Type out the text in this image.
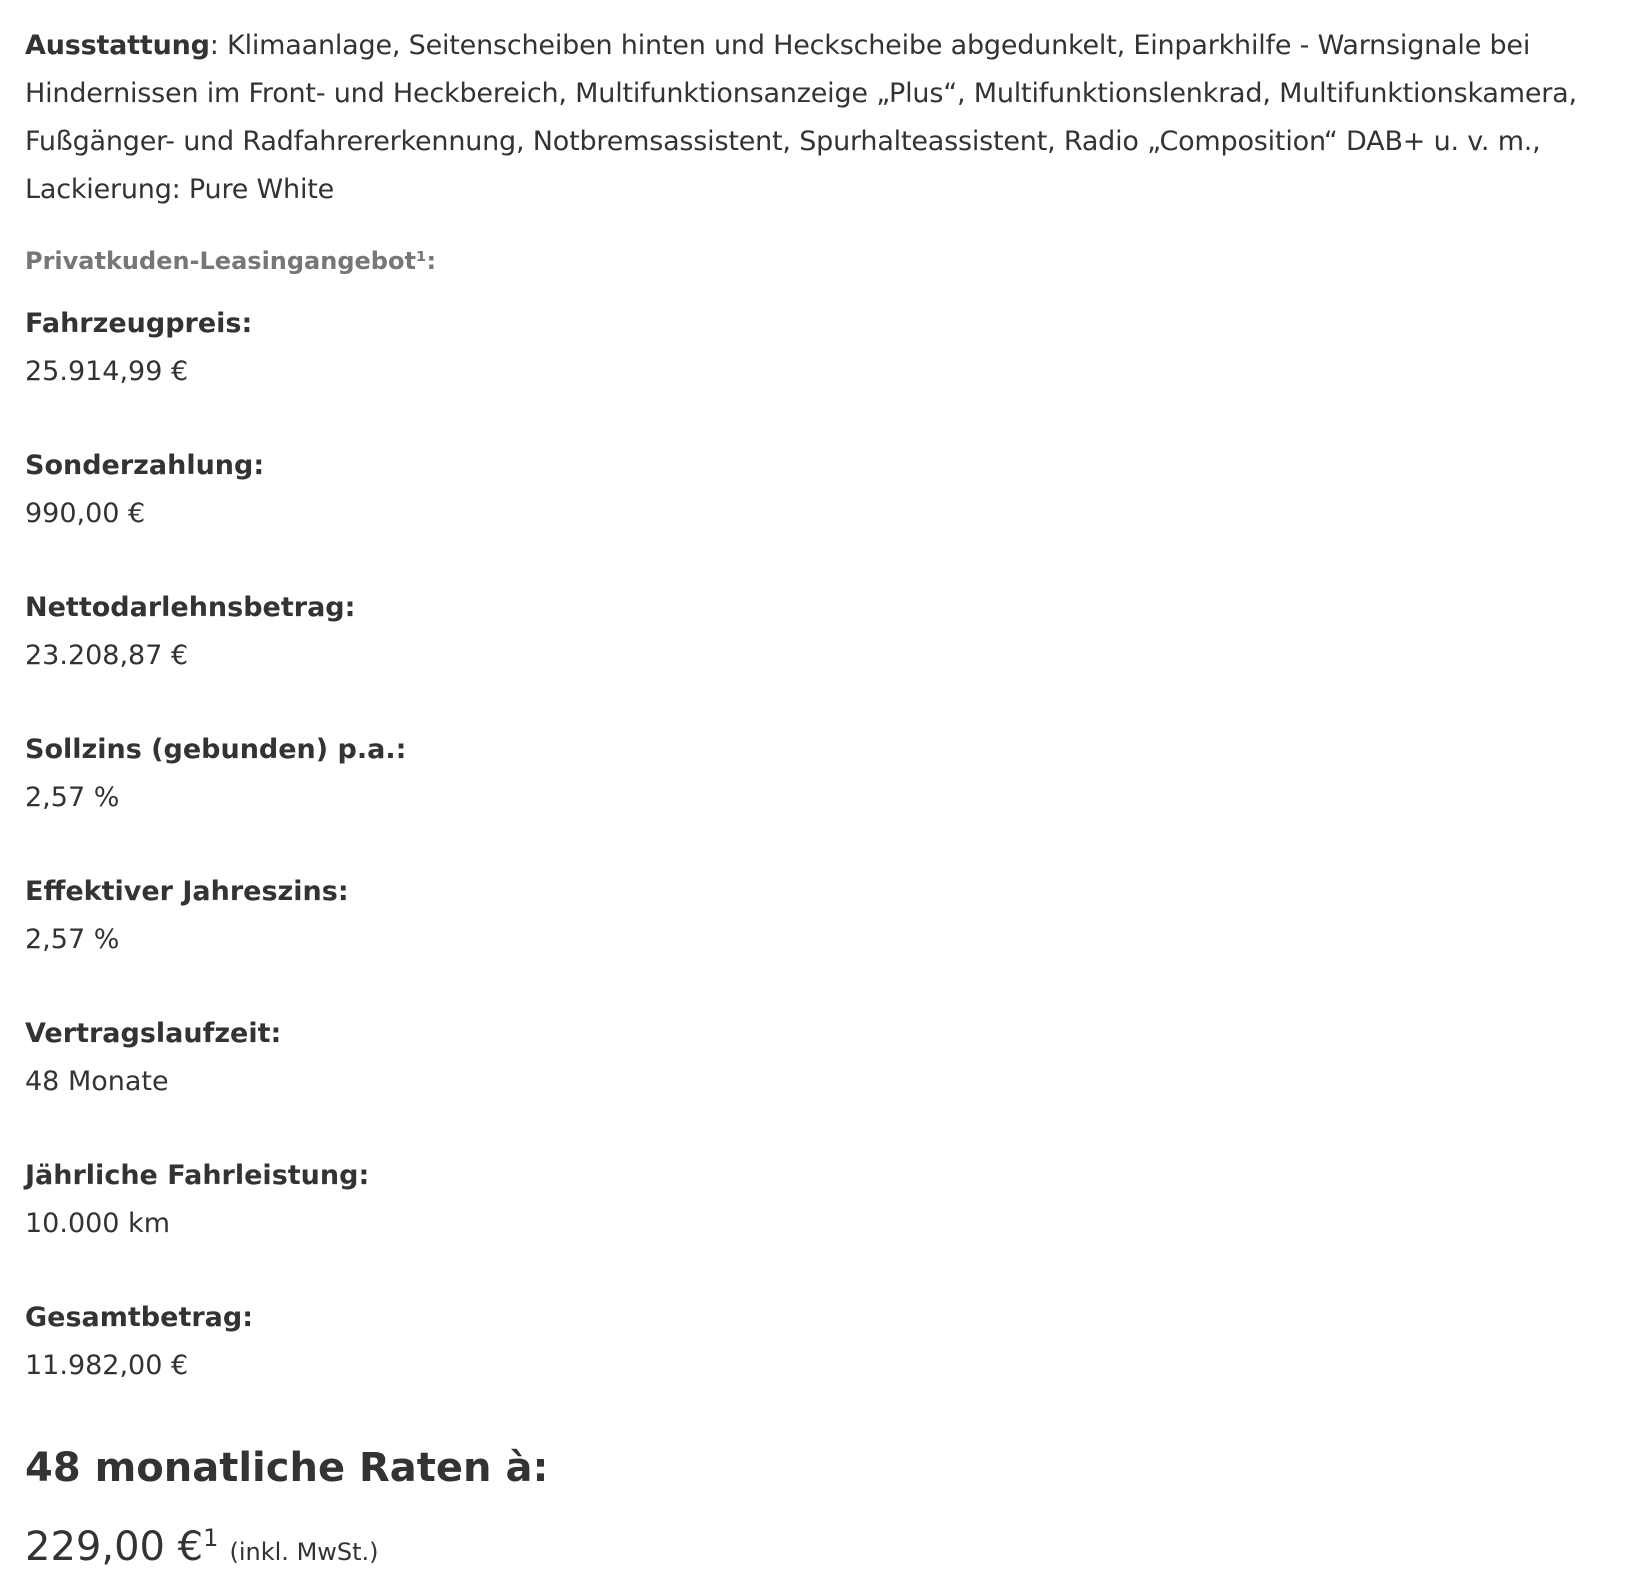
Ausstattung: Klimaanlage, Seitenscheiben hinten und Heckscheibe abgedunkelt, Einparkhilfe - Warnsignale bei Hindernissen im Front- und Heckbereich, Multifunktionsanzeige „Plus“, Multifunktionslenkrad, Multifunktionskamera, Fußgänger- und Radfahrererkennung, Notbremsassistent, Spurhalteassistent, Radio „Composition“ DAB+ u. v. m., Lackierung: Pure White

Privatkuden-Leasingangebot¹:
Fahrzeugpreis:
25.914,99 €
Sonderzahlung:
990,00 €
Nettodarlehnsbetrag:
23.208,87 €
Sollzins (gebunden) p.a.:
2,57 %
Effektiver Jahreszins:
2,57 %
Vertragslaufzeit:
48 Monate
Jährliche Fahrleistung:
10.000 km
Gesamtbetrag:
11.982,00 €
48 monatliche Raten à:
229,00 €$^1$ (inkl. MwSt.)
